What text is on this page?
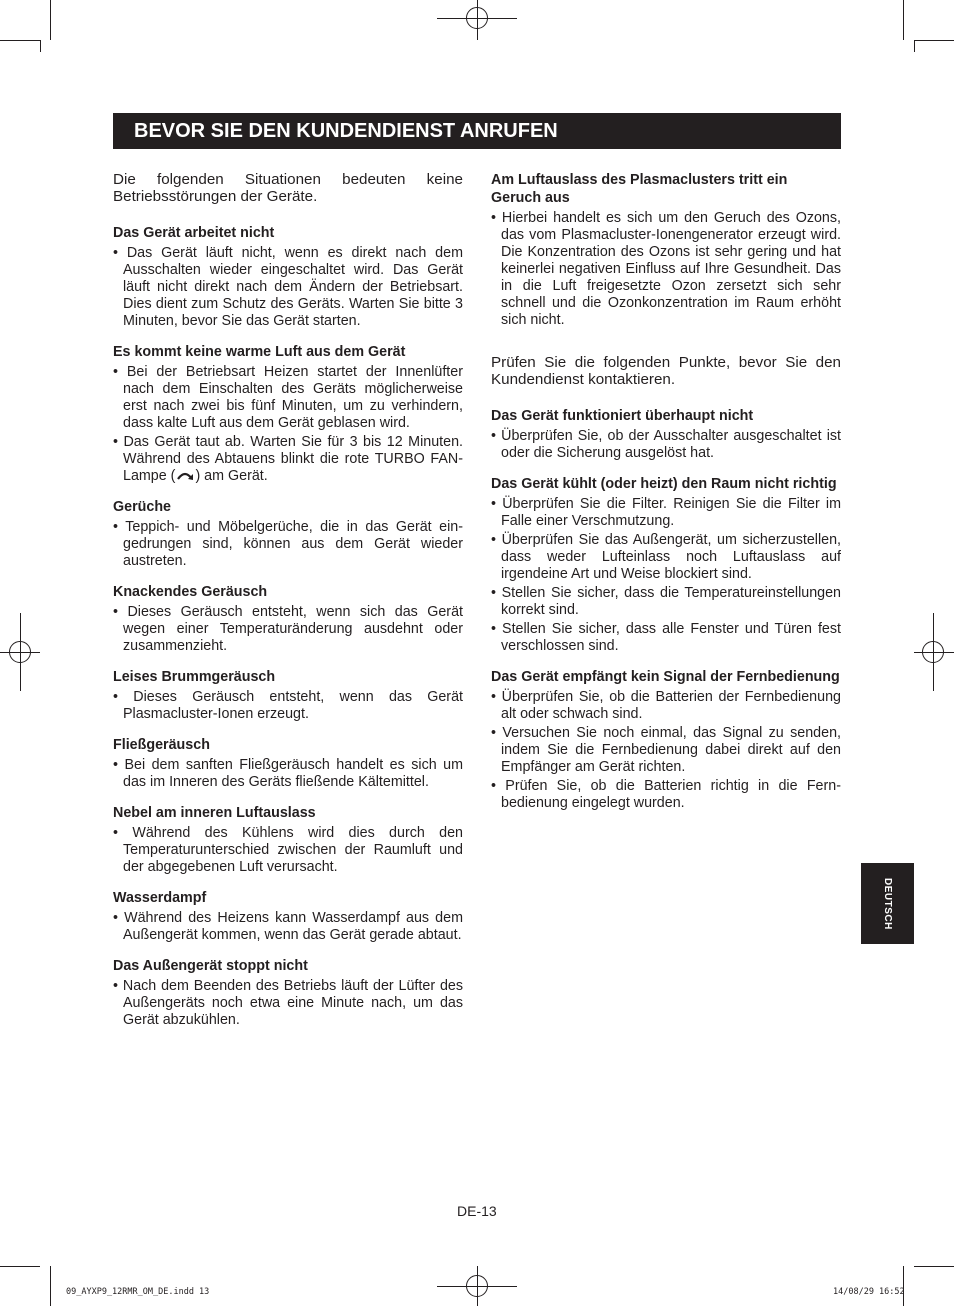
BEVOR SIE DEN KUNDENDIENST ANRUFEN

Die folgenden Situationen bedeuten keine Betriebsstörungen der Geräte.

Das Gerät arbeitet nicht
• Das Gerät läuft nicht, wenn es direkt nach dem Ausschalten wieder eingeschaltet wird. Das Gerät läuft nicht direkt nach dem Ändern der Betriebsart. Dies dient zum Schutz des Geräts. Warten Sie bitte 3 Minuten, bevor Sie das Gerät starten.
Es kommt keine warme Luft aus dem Gerät
• Bei der Betriebsart Heizen startet der Innenlüfter nach dem Einschalten des Geräts möglicherweise erst nach zwei bis fünf Minuten, um zu verhindern, dass kalte Luft aus dem Gerät geblasen wird.
• Das Gerät taut ab. Warten Sie für 3 bis 12 Minuten. Während des Abtauens blinkt die rote TURBO FAN-Lampe ( ) am Gerät.
Gerüche
• Teppich- und Möbelgerüche, die in das Gerät eingedrungen sind, können aus dem Gerät wieder austreten.
Knackendes Geräusch
• Dieses Geräusch entsteht, wenn sich das Gerät wegen einer Temperaturänderung ausdehnt oder zusammenzieht.
Leises Brummgeräusch
• Dieses Geräusch entsteht, wenn das Gerät Plasmacluster-Ionen erzeugt.
Fließgeräusch
• Bei dem sanften Fließgeräusch handelt es sich um das im Inneren des Geräts fließende Kältemittel.
Nebel am inneren Luftauslass
• Während des Kühlens wird dies durch den Temperaturunterschied zwischen der Raumluft und der abgegebenen Luft verursacht.
Wasserdampf
• Während des Heizens kann Wasserdampf aus dem Außengerät kommen, wenn das Gerät gerade abtaut.
Das Außengerät stoppt nicht
• Nach dem Beenden des Betriebs läuft der Lüfter des Außengeräts noch etwa eine Minute nach, um das Gerät abzukühlen.
Am Luftauslass des Plasmaclusters tritt ein Geruch aus
• Hierbei handelt es sich um den Geruch des Ozons, das vom Plasmacluster-Ionengenerator erzeugt wird. Die Konzentration des Ozons ist sehr gering und hat keinerlei negativen Einfluss auf Ihre Gesundheit. Das in die Luft freigesetzte Ozon zersetzt sich sehr schnell und die Ozonkonzentration im Raum erhöht sich nicht.

Prüfen Sie die folgenden Punkte, bevor Sie den Kundendienst kontaktieren.

Das Gerät funktioniert überhaupt nicht
• Überprüfen Sie, ob der Ausschalter ausgeschaltet ist oder die Sicherung ausgelöst hat.
Das Gerät kühlt (oder heizt) den Raum nicht richtig
• Überprüfen Sie die Filter. Reinigen Sie die Filter im Falle einer Verschmutzung.
• Überprüfen Sie das Außengerät, um sicherzustellen, dass weder Lufteinlass noch Luftauslass auf irgendeine Art und Weise blockiert sind.
• Stellen Sie sicher, dass die Temperatureinstellungen korrekt sind.
• Stellen Sie sicher, dass alle Fenster und Türen fest verschlossen sind.
Das Gerät empfängt kein Signal der Fernbedienung
• Überprüfen Sie, ob die Batterien der Fernbedienung alt oder schwach sind.
• Versuchen Sie noch einmal, das Signal zu senden, indem Sie die Fernbedienung dabei direkt auf den Empfänger am Gerät richten.
• Prüfen Sie, ob die Batterien richtig in die Fernbedienung eingelegt wurden.
DEUTSCH
DE-13
09_AYXP9_12RMR_OM_DE.indd 13	14/08/29 16:52
